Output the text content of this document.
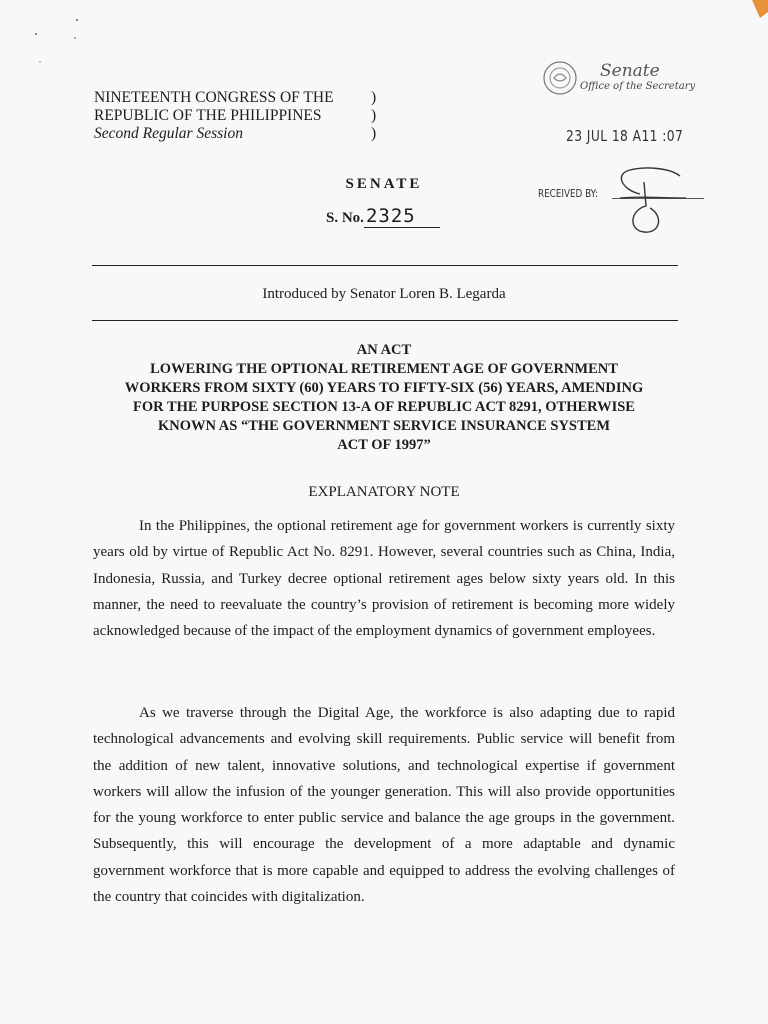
NINETEENTH CONGRESS OF THE )
REPUBLIC OF THE PHILIPPINES	)
Second Regular Session	)
Senate
Office of the Secretary
23 JUL 18 A11 :07
RECEIVED BY:
SENATE
S. No. 2325
Introduced by Senator Loren B. Legarda
AN ACT
LOWERING THE OPTIONAL RETIREMENT AGE OF GOVERNMENT
WORKERS FROM SIXTY (60) YEARS TO FIFTY-SIX (56) YEARS, AMENDING
FOR THE PURPOSE SECTION 13-A OF REPUBLIC ACT 8291, OTHERWISE
KNOWN AS “THE GOVERNMENT SERVICE INSURANCE SYSTEM
ACT OF 1997”
EXPLANATORY NOTE

In the Philippines, the optional retirement age for government workers is currently sixty years old by virtue of Republic Act No. 8291. However, several countries such as China, India, Indonesia, Russia, and Turkey decree optional retirement ages below sixty years old. In this manner, the need to reevaluate the country’s provision of retirement is becoming more widely acknowledged because of the impact of the employment dynamics of government employees.

As we traverse through the Digital Age, the workforce is also adapting due to rapid technological advancements and evolving skill requirements. Public service will benefit from the addition of new talent, innovative solutions, and technological expertise if government workers will allow the infusion of the younger generation. This will also provide opportunities for the young workforce to enter public service and balance the age groups in the government. Subsequently, this will encourage the development of a more adaptable and dynamic government workforce that is more capable and equipped to address the evolving challenges of the country that coincides with digitalization.
